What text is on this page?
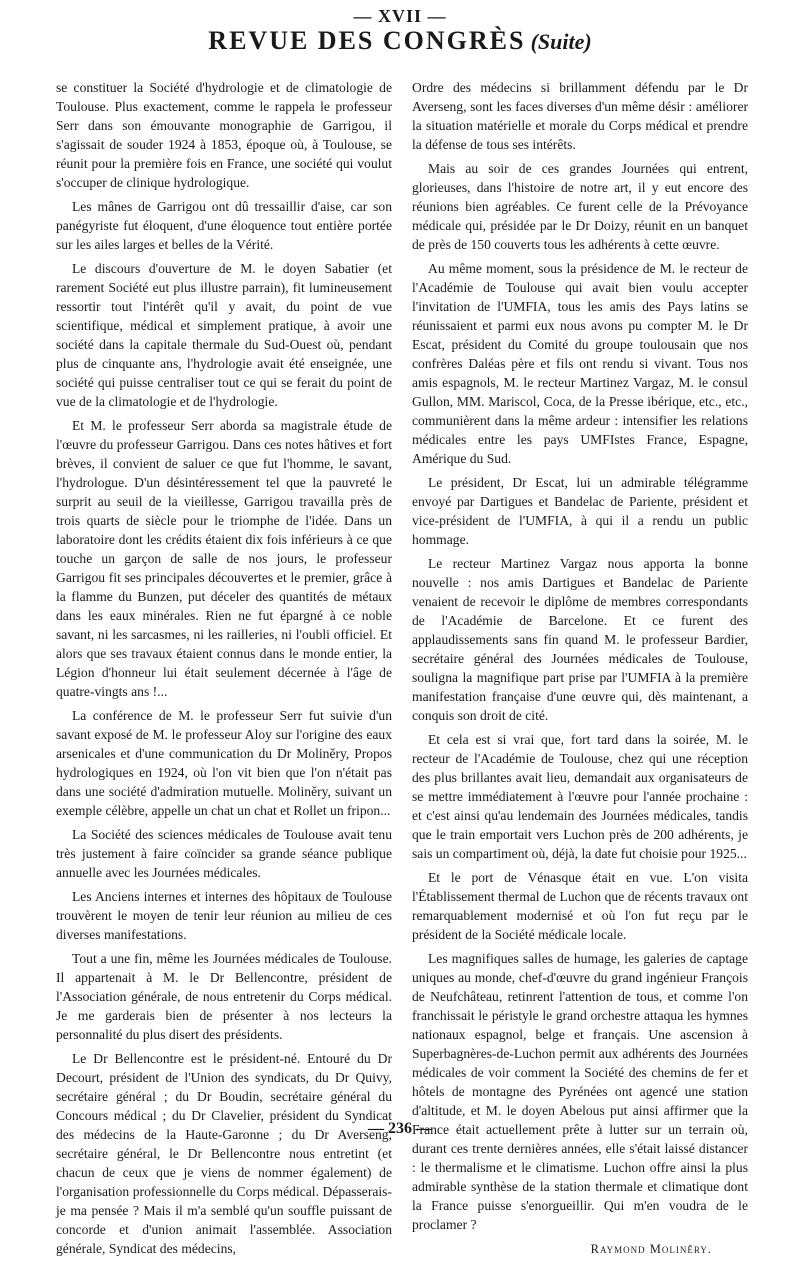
— XVII —
REVUE DES CONGRÈS (Suite)

se constituer la Société d'hydrologie et de climatologie de Toulouse. Plus exactement, comme le rappela le professeur Serr dans son émouvante monographie de Garrigou, il s'agissait de souder 1924 à 1853, époque où, à Toulouse, se réunit pour la première fois en France, une société qui voulut s'occuper de clinique hydrologique.

Les mânes de Garrigou ont dû tressaillir d'aise, car son panégyriste fut éloquent, d'une éloquence tout entière portée sur les ailes larges et belles de la Vérité.

Le discours d'ouverture de M. le doyen Sabatier (et rarement Société eut plus illustre parrain), fit lumineusement ressortir tout l'intérêt qu'il y avait, du point de vue scientifique, médical et simplement pratique, à avoir une société dans la capitale thermale du Sud-Ouest où, pendant plus de cinquante ans, l'hydrologie avait été enseignée, une société qui puisse centraliser tout ce qui se ferait du point de vue de la climatologie et de l'hydrologie.

Et M. le professeur Serr aborda sa magistrale étude de l'œuvre du professeur Garrigou. Dans ces notes hâtives et fort brèves, il convient de saluer ce que fut l'homme, le savant, l'hydrologue. D'un désintéressement tel que la pauvreté le surprit au seuil de la vieillesse, Garrigou travailla près de trois quarts de siècle pour le triomphe de l'idée. Dans un laboratoire dont les crédits étaient dix fois inférieurs à ce que touche un garçon de salle de nos jours, le professeur Garrigou fit ses principales découvertes et le premier, grâce à la flamme du Bunzen, put déceler des quantités de métaux dans les eaux minérales. Rien ne fut épargné à ce noble savant, ni les sarcasmes, ni les railleries, ni l'oubli officiel. Et alors que ses travaux étaient connus dans le monde entier, la Légion d'honneur lui était seulement décernée à l'âge de quatre-vingts ans !...

La conférence de M. le professeur Serr fut suivie d'un savant exposé de M. le professeur Aloy sur l'origine des eaux arsenicales et d'une communication du Dr Moliněry, Propos hydrologiques en 1924, où l'on vit bien que l'on n'était pas dans une société d'admiration mutuelle. Moliněry, suivant un exemple célèbre, appelle un chat un chat et Rollet un fripon...

La Société des sciences médicales de Toulouse avait tenu très justement à faire coïncider sa grande séance publique annuelle avec les Journées médicales.

Les Anciens internes et internes des hôpitaux de Toulouse trouvèrent le moyen de tenir leur réunion au milieu de ces diverses manifestations.

Tout a une fin, même les Journées médicales de Toulouse. Il appartenait à M. le Dr Bellencontre, président de l'Association générale, de nous entretenir du Corps médical. Je me garderais bien de présenter à nos lecteurs la personnalité du plus disert des présidents.

Le Dr Bellencontre est le président-né. Entouré du Dr Decourt, président de l'Union des syndicats, du Dr Quivy, secrétaire général ; du Dr Boudin, secrétaire général du Concours médical ; du Dr Clavelier, président du Syndicat des médecins de la Haute-Garonne ; du Dr Averseng, secrétaire général, le Dr Bellencontre nous entretint (et chacun de ceux que je viens de nommer également) de l'organisation professionnelle du Corps médical. Dépasserais-je ma pensée ? Mais il m'a semblé qu'un souffle puissant de concorde et d'union animait l'assemblée. Association générale, Syndicat des médecins,

Ordre des médecins si brillamment défendu par le Dr Averseng, sont les faces diverses d'un même désir : améliorer la situation matérielle et morale du Corps médical et prendre la défense de tous ses intérêts.

Mais au soir de ces grandes Journées qui entrent, glorieuses, dans l'histoire de notre art, il y eut encore des réunions bien agréables. Ce furent celle de la Prévoyance médicale qui, présidée par le Dr Doizy, réunit en un banquet de près de 150 couverts tous les adhérents à cette œuvre.

Au même moment, sous la présidence de M. le recteur de l'Académie de Toulouse qui avait bien voulu accepter l'invitation de l'UMFIA, tous les amis des Pays latins se réunissaient et parmi eux nous avons pu compter M. le Dr Escat, président du Comité du groupe toulousain que nos confrères Daléas père et fils ont rendu si vivant. Tous nos amis espagnols, M. le recteur Martinez Vargaz, M. le consul Gullon, MM. Mariscol, Coca, de la Presse ibérique, etc., etc., communièrent dans la même ardeur : intensifier les relations médicales entre les pays UMFIstes France, Espagne, Amérique du Sud.

Le président, Dr Escat, lui un admirable télégramme envoyé par Dartigues et Bandelac de Pariente, président et vice-président de l'UMFIA, à qui il a rendu un public hommage.

Le recteur Martinez Vargaz nous apporta la bonne nouvelle : nos amis Dartigues et Bandelac de Pariente venaient de recevoir le diplôme de membres correspondants de l'Académie de Barcelone. Et ce furent des applaudissements sans fin quand M. le professeur Bardier, secrétaire général des Journées médicales de Toulouse, souligna la magnifique part prise par l'UMFIA à la première manifestation française d'une œuvre qui, dès maintenant, a conquis son droit de cité.

Et cela est si vrai que, fort tard dans la soirée, M. le recteur de l'Académie de Toulouse, chez qui une réception des plus brillantes avait lieu, demandait aux organisateurs de se mettre immédiatement à l'œuvre pour l'année prochaine : et c'est ainsi qu'au lendemain des Journées médicales, tandis que le train emportait vers Luchon près de 200 adhérents, je sais un compartiment où, déjà, la date fut choisie pour 1925...

Et le port de Vénasque était en vue. L'on visita l'Établissement thermal de Luchon que de récents travaux ont remarquablement modernisé et où l'on fut reçu par le président de la Société médicale locale.

Les magnifiques salles de humage, les galeries de captage uniques au monde, chef-d'œuvre du grand ingénieur François de Neufchâteau, retinrent l'attention de tous, et comme l'on franchissait le péristyle le grand orchestre attaqua les hymnes nationaux espagnol, belge et français. Une ascension à Superbagnères-de-Luchon permit aux adhérents des Journées médicales de voir comment la Société des chemins de fer et hôtels de montagne des Pyrénées ont agencé une station d'altitude, et M. le doyen Abelous put ainsi affirmer que la France était actuellement prête à lutter sur un terrain où, durant ces trente dernières années, elle s'était laissé distancer : le thermalisme et le climatisme. Luchon offre ainsi la plus admirable synthèse de la station thermale et climatique dont la France puisse s'enorgueillir. Qui m'en voudra de le proclamer ?

Raymond Moliněry.
— 236 —
